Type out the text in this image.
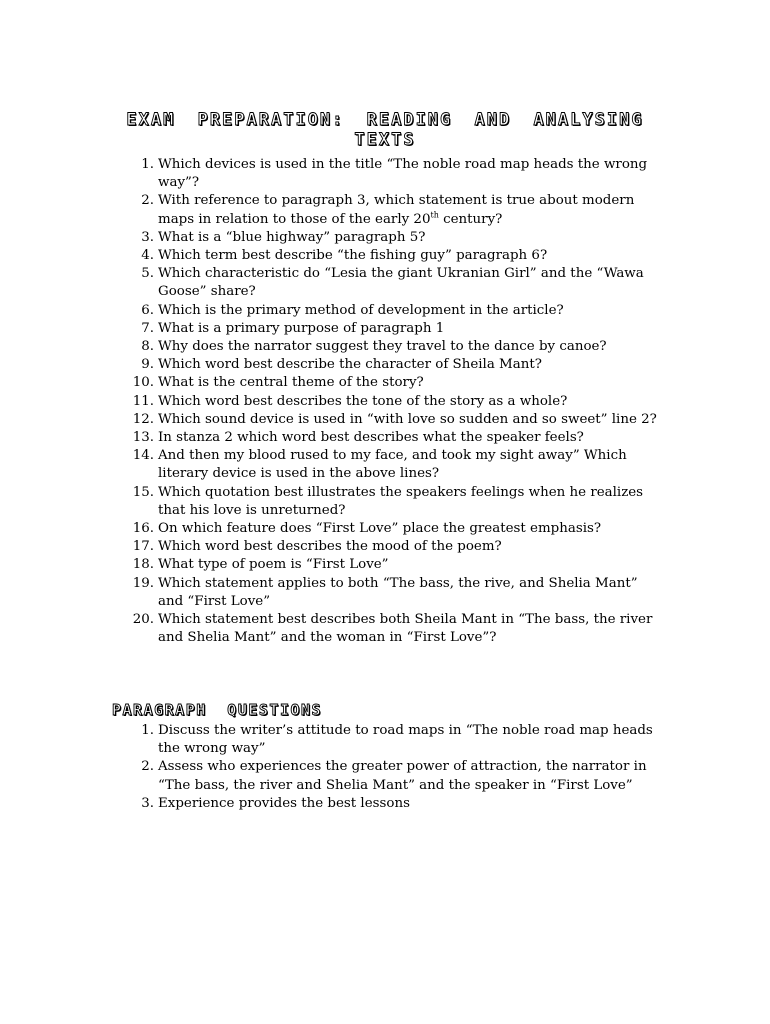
EXAM PREPARATION: READING AND ANALYSING TEXTS
1. Which devices is used in the title “The noble road map heads the wrong way”?
2. With reference to paragraph 3, which statement is true about modern maps in relation to those of the early 20th century?
3. What is a “blue highway” paragraph 5?
4. Which term best describe “the fishing guy” paragraph 6?
5. Which characteristic do “Lesia the giant Ukranian Girl” and the “Wawa Goose” share?
6. Which is the primary method of development in the article?
7. What is a primary purpose of paragraph 1
8. Why does the narrator suggest they travel to the dance by canoe?
9. Which word best describe the character of Sheila Mant?
10. What is the central theme of the story?
11. Which word best describes the tone of the story as a whole?
12. Which sound device is used in “with love so sudden and so sweet” line 2?
13. In stanza 2 which word best describes what the speaker feels?
14. And then my blood rused to my face, and took my sight away” Which literary device is used in the above lines?
15. Which quotation best illustrates the speakers feelings when he realizes that his love is unreturned?
16. On which feature does “First Love” place the greatest emphasis?
17. Which word best describes the mood of the poem?
18. What type of poem is “First Love”
19. Which statement applies to both “The bass, the rive, and Shelia Mant” and “First Love”
20. Which statement best describes both Sheila Mant in “The bass, the river and Shelia Mant” and the woman in “First Love”?
PARAGRAPH QUESTIONS
1. Discuss the writer’s attitude to road maps in “The noble road map heads the wrong way”
2. Assess who experiences the greater power of attraction, the narrator in “The bass, the river and Shelia Mant” and the speaker in “First Love”
3. Experience provides the best lessons
